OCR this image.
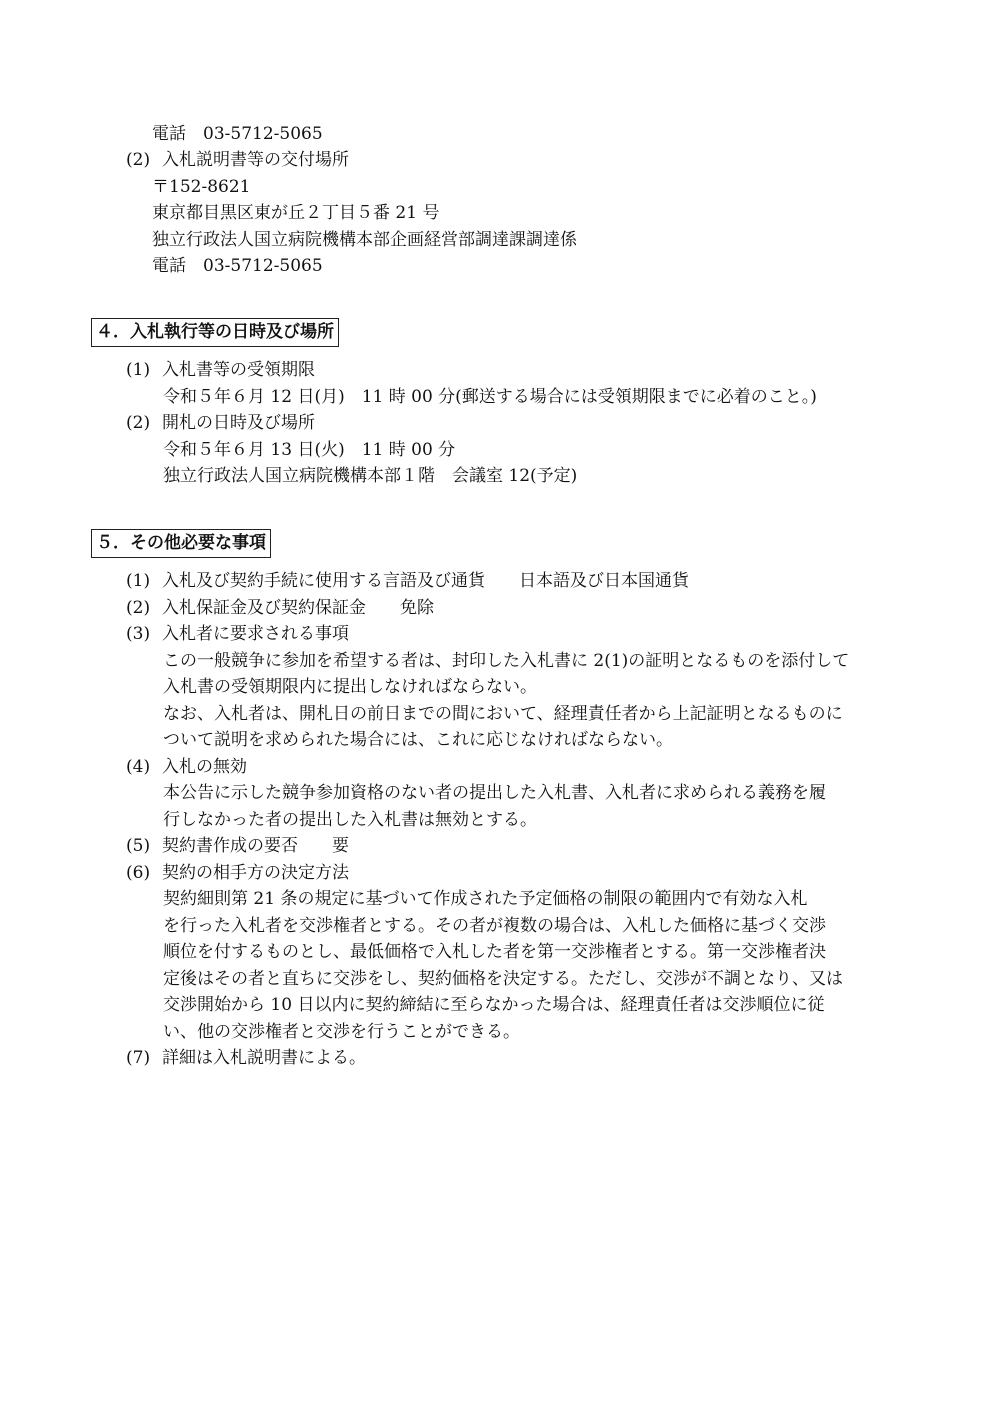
電話　03-5712-5065
(2) 入札説明書等の交付場所
〒152-8621
東京都目黒区東が丘２丁目５番 21 号
独立行政法人国立病院機構本部企画経営部調達課調達係
電話　03-5712-5065
４．入札執行等の日時及び場所
(1) 入札書等の受領期限
令和５年６月 12 日(月)　11 時 00 分(郵送する場合には受領期限までに必着のこと。)
(2) 開札の日時及び場所
令和５年６月 13 日(火)　11 時 00 分
独立行政法人国立病院機構本部１階　会議室 12(予定)
５．その他必要な事項
(1) 入札及び契約手続に使用する言語及び通貨　　日本語及び日本国通貨
(2) 入札保証金及び契約保証金　　免除
(3) 入札者に要求される事項
この一般競争に参加を希望する者は、封印した入札書に 2(1)の証明となるものを添付して
入札書の受領期限内に提出しなければならない。
なお、入札者は、開札日の前日までの間において、経理責任者から上記証明となるものに
ついて説明を求められた場合には、これに応じなければならない。
(4) 入札の無効
本公告に示した競争参加資格のない者の提出した入札書、入札者に求められる義務を履
行しなかった者の提出した入札書は無効とする。
(5) 契約書作成の要否　　要
(6) 契約の相手方の決定方法
契約細則第 21 条の規定に基づいて作成された予定価格の制限の範囲内で有効な入札
を行った入札者を交渉権者とする。その者が複数の場合は、入札した価格に基づく交渉
順位を付するものとし、最低価格で入札した者を第一交渉権者とする。第一交渉権者決
定後はその者と直ちに交渉をし、契約価格を決定する。ただし、交渉が不調となり、又は
交渉開始から 10 日以内に契約締結に至らなかった場合は、経理責任者は交渉順位に従
い、他の交渉権者と交渉を行うことができる。
(7) 詳細は入札説明書による。
